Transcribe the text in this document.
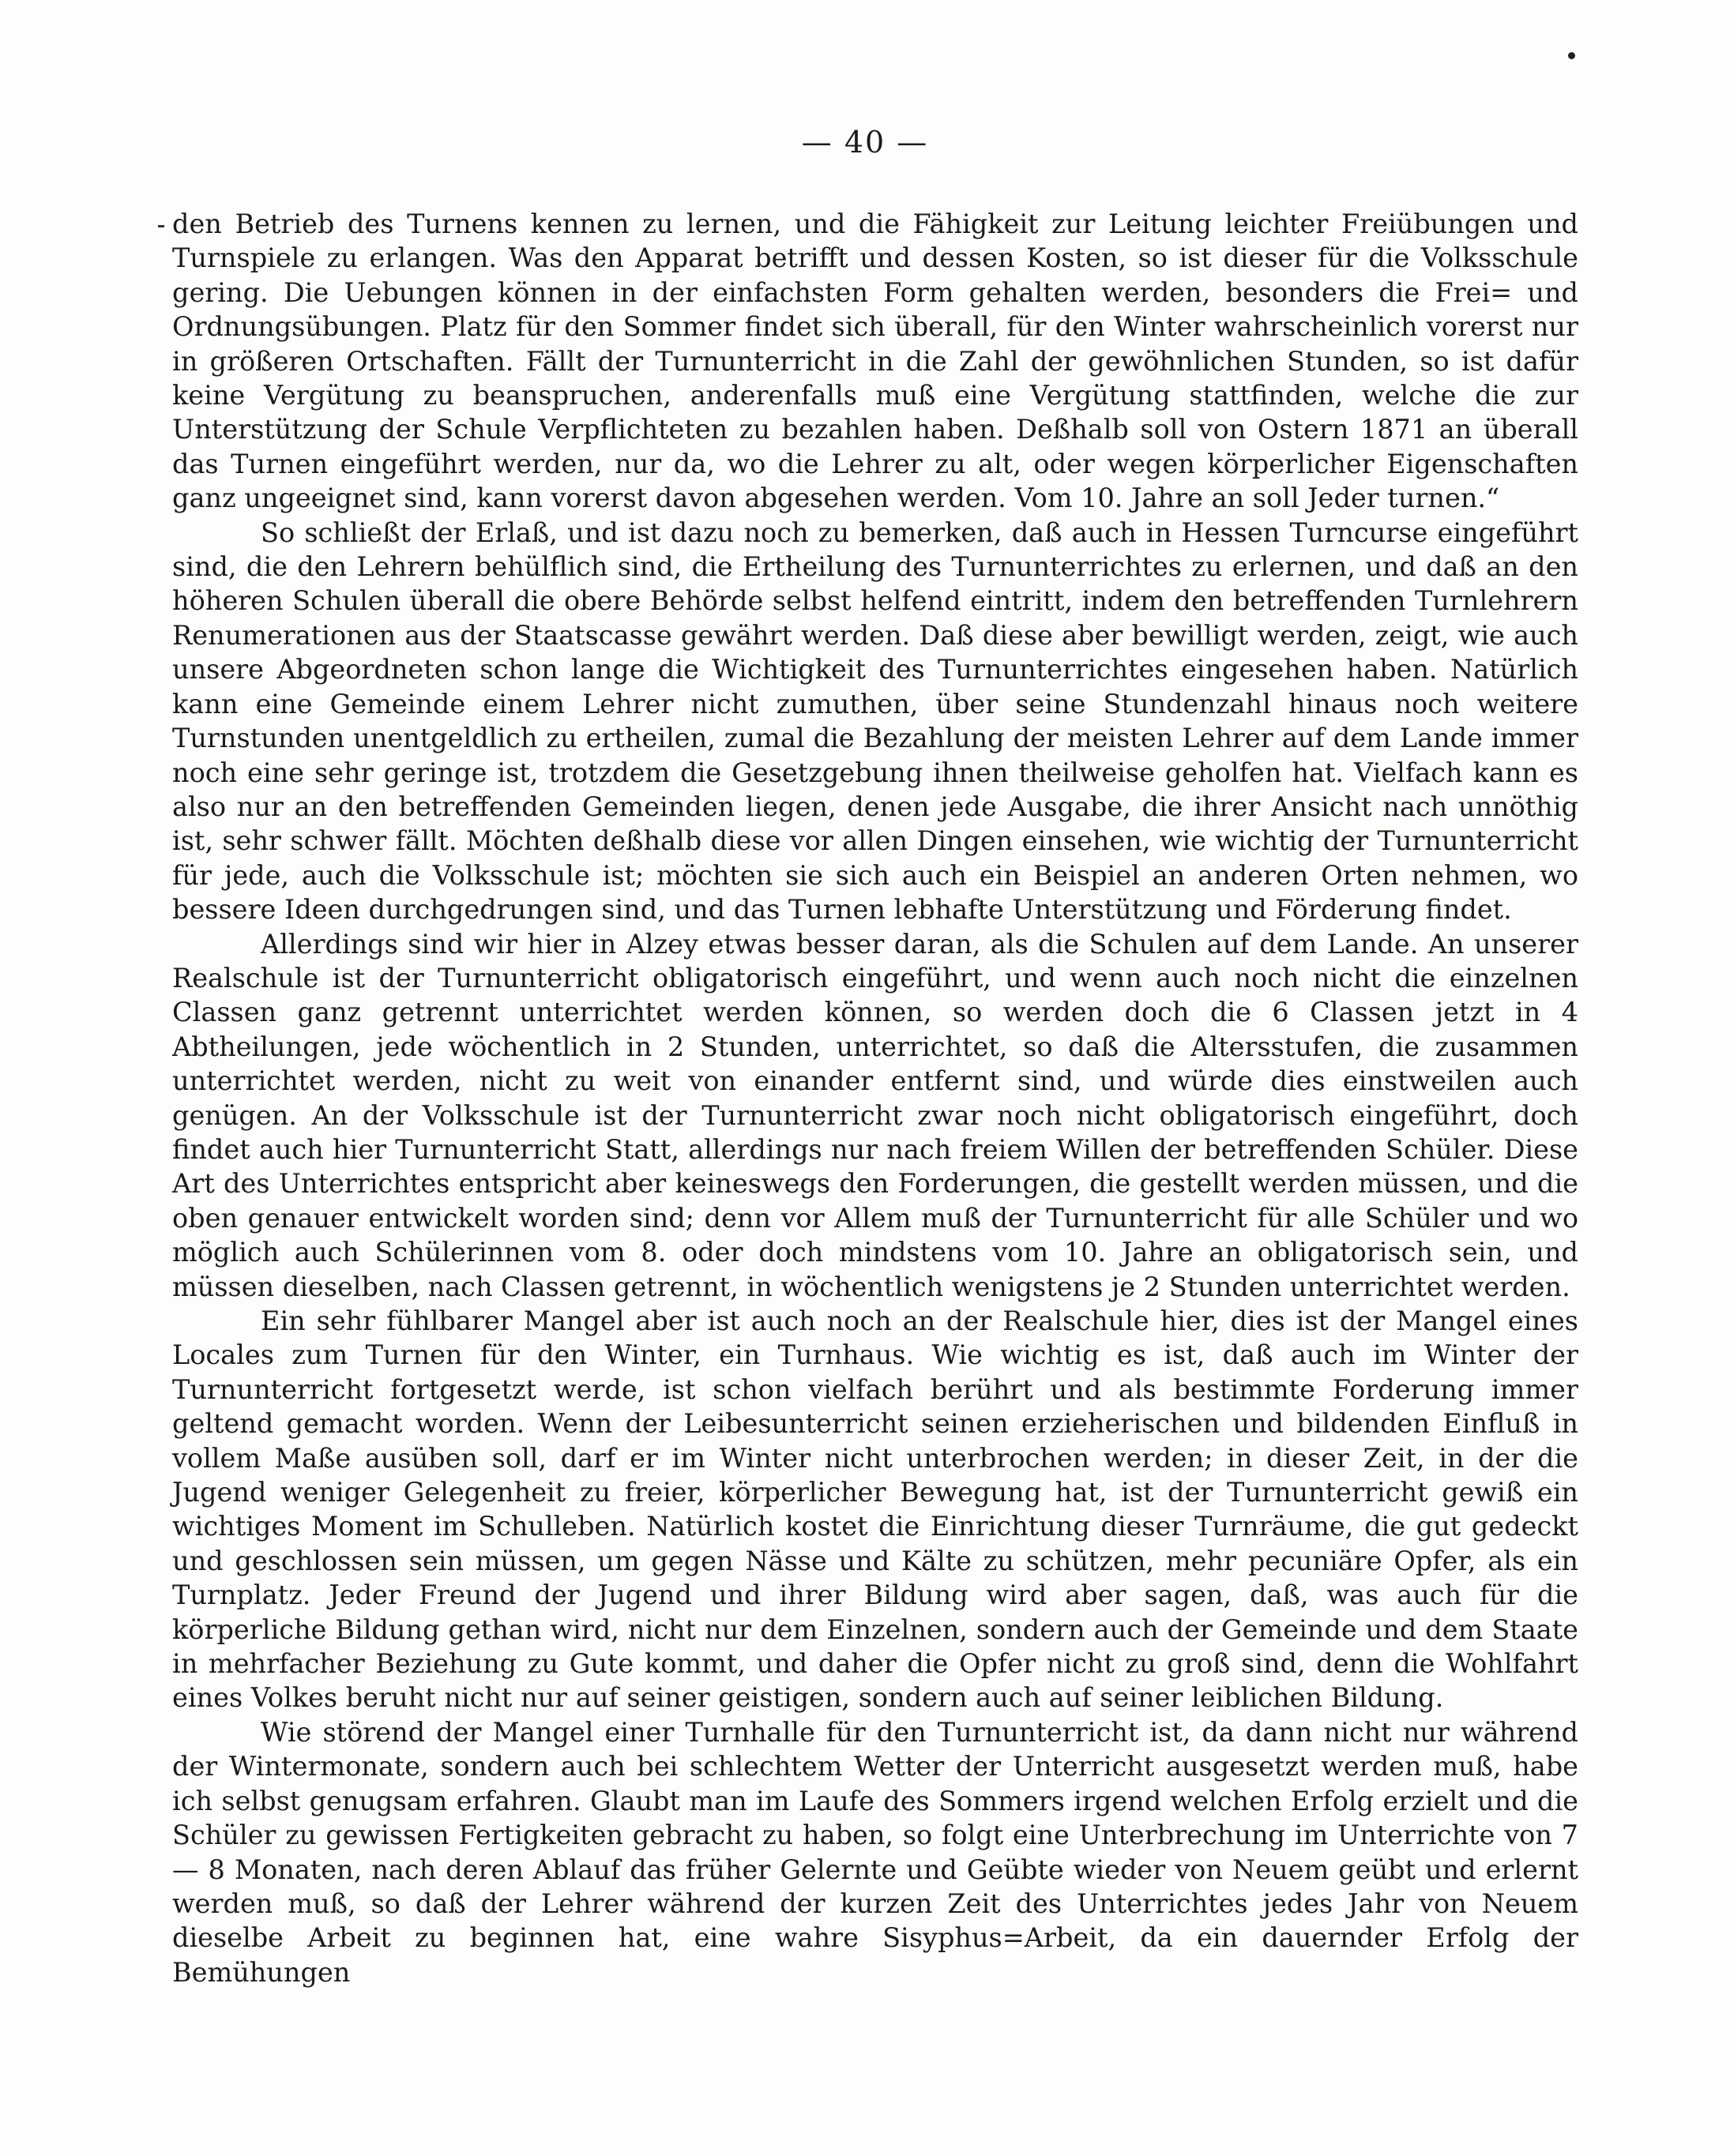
— 40 —

den Betrieb des Turnens kennen zu lernen, und die Fähigkeit zur Leitung leichter Freiübungen und Turnspiele zu erlangen. Was den Apparat betrifft und dessen Kosten, so ist dieser für die Volksschule gering. Die Uebungen können in der einfachsten Form gehalten werden, besonders die Frei= und Ordnungsübungen. Platz für den Sommer findet sich überall, für den Winter wahrscheinlich vorerst nur in größeren Ortschaften. Fällt der Turnunterricht in die Zahl der gewöhnlichen Stunden, so ist dafür keine Vergütung zu beanspruchen, anderenfalls muß eine Vergütung stattfinden, welche die zur Unterstützung der Schule Verpflichteten zu bezahlen haben. Deßhalb soll von Ostern 1871 an überall das Turnen eingeführt werden, nur da, wo die Lehrer zu alt, oder wegen körperlicher Eigenschaften ganz ungeeignet sind, kann vorerst davon abgesehen werden. Vom 10. Jahre an soll Jeder turnen.“

So schließt der Erlaß, und ist dazu noch zu bemerken, daß auch in Hessen Turncurse eingeführt sind, die den Lehrern behülflich sind, die Ertheilung des Turnunterrichtes zu erlernen, und daß an den höheren Schulen überall die obere Behörde selbst helfend eintritt, indem den betreffenden Turnlehrern Renumerationen aus der Staatscasse gewährt werden. Daß diese aber bewilligt werden, zeigt, wie auch unsere Abgeordneten schon lange die Wichtigkeit des Turnunterrichtes eingesehen haben. Natürlich kann eine Gemeinde einem Lehrer nicht zumuthen, über seine Stundenzahl hinaus noch weitere Turnstunden unentgeldlich zu ertheilen, zumal die Bezahlung der meisten Lehrer auf dem Lande immer noch eine sehr geringe ist, trotzdem die Gesetzgebung ihnen theilweise geholfen hat. Vielfach kann es also nur an den betreffenden Gemeinden liegen, denen jede Ausgabe, die ihrer Ansicht nach unnöthig ist, sehr schwer fällt. Möchten deßhalb diese vor allen Dingen einsehen, wie wichtig der Turnunterricht für jede, auch die Volksschule ist; möchten sie sich auch ein Beispiel an anderen Orten nehmen, wo bessere Ideen durchgedrungen sind, und das Turnen lebhafte Unterstützung und Förderung findet.

Allerdings sind wir hier in Alzey etwas besser daran, als die Schulen auf dem Lande. An unserer Realschule ist der Turnunterricht obligatorisch eingeführt, und wenn auch noch nicht die einzelnen Classen ganz getrennt unterrichtet werden können, so werden doch die 6 Classen jetzt in 4 Abtheilungen, jede wöchentlich in 2 Stunden, unterrichtet, so daß die Altersstufen, die zusammen unterrichtet werden, nicht zu weit von einander entfernt sind, und würde dies einstweilen auch genügen. An der Volksschule ist der Turnunterricht zwar noch nicht obligatorisch eingeführt, doch findet auch hier Turnunterricht Statt, allerdings nur nach freiem Willen der betreffenden Schüler. Diese Art des Unterrichtes entspricht aber keineswegs den Forderungen, die gestellt werden müssen, und die oben genauer entwickelt worden sind; denn vor Allem muß der Turnunterricht für alle Schüler und wo möglich auch Schülerinnen vom 8. oder doch mindstens vom 10. Jahre an obligatorisch sein, und müssen dieselben, nach Classen getrennt, in wöchentlich wenigstens je 2 Stunden unterrichtet werden.

Ein sehr fühlbarer Mangel aber ist auch noch an der Realschule hier, dies ist der Mangel eines Locales zum Turnen für den Winter, ein Turnhaus. Wie wichtig es ist, daß auch im Winter der Turnunterricht fortgesetzt werde, ist schon vielfach berührt und als bestimmte Forderung immer geltend gemacht worden. Wenn der Leibesunterricht seinen erzieherischen und bildenden Einfluß in vollem Maße ausüben soll, darf er im Winter nicht unterbrochen werden; in dieser Zeit, in der die Jugend weniger Gelegenheit zu freier, körperlicher Bewegung hat, ist der Turnunterricht gewiß ein wichtiges Moment im Schulleben. Natürlich kostet die Einrichtung dieser Turnräume, die gut gedeckt und geschlossen sein müssen, um gegen Nässe und Kälte zu schützen, mehr pecuniäre Opfer, als ein Turnplatz. Jeder Freund der Jugend und ihrer Bildung wird aber sagen, daß, was auch für die körperliche Bildung gethan wird, nicht nur dem Einzelnen, sondern auch der Gemeinde und dem Staate in mehrfacher Beziehung zu Gute kommt, und daher die Opfer nicht zu groß sind, denn die Wohlfahrt eines Volkes beruht nicht nur auf seiner geistigen, sondern auch auf seiner leiblichen Bildung.

Wie störend der Mangel einer Turnhalle für den Turnunterricht ist, da dann nicht nur während der Wintermonate, sondern auch bei schlechtem Wetter der Unterricht ausgesetzt werden muß, habe ich selbst genugsam erfahren. Glaubt man im Laufe des Sommers irgend welchen Erfolg erzielt und die Schüler zu gewissen Fertigkeiten gebracht zu haben, so folgt eine Unterbrechung im Unterrichte von 7 — 8 Monaten, nach deren Ablauf das früher Gelernte und Geübte wieder von Neuem geübt und erlernt werden muß, so daß der Lehrer während der kurzen Zeit des Unterrichtes jedes Jahr von Neuem dieselbe Arbeit zu beginnen hat, eine wahre Sisyphus=Arbeit, da ein dauernder Erfolg der Bemühungen
